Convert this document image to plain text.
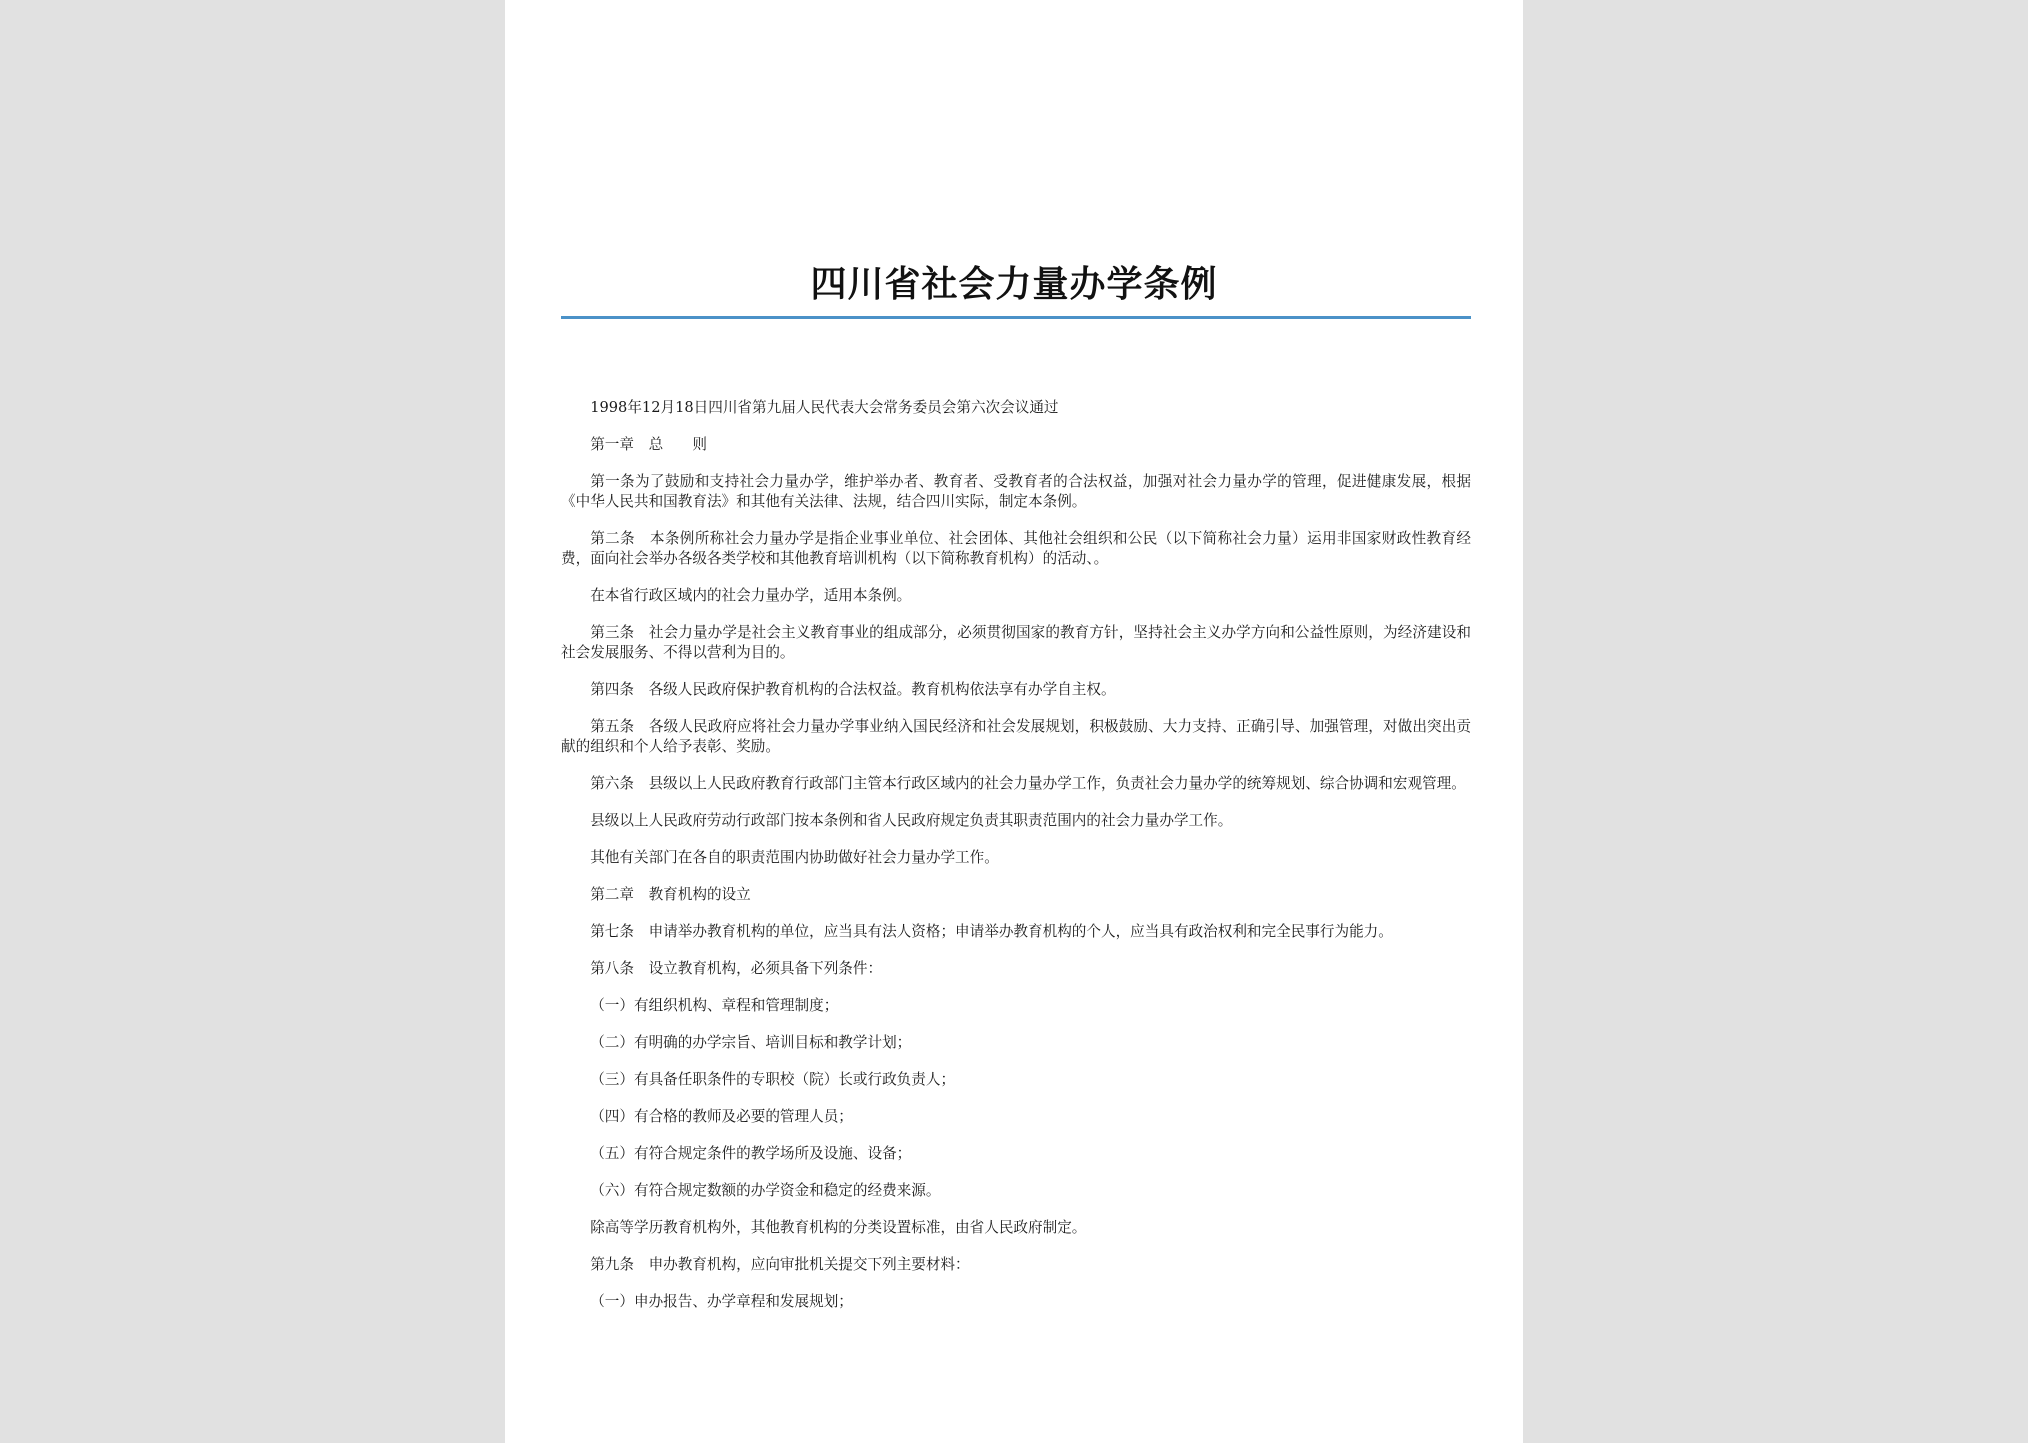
四川省社会力量办学条例

1998年12月18日四川省第九届人民代表大会常务委员会第六次会议通过

第一章　总　　则

第一条为了鼓励和支持社会力量办学，维护举办者、教育者、受教育者的合法权益，加强对社会力量办学的管理，促进健康发展，根据《中华人民共和国教育法》和其他有关法律、法规，结合四川实际，制定本条例。

第二条　本条例所称社会力量办学是指企业事业单位、社会团体、其他社会组织和公民（以下简称社会力量）运用非国家财政性教育经费，面向社会举办各级各类学校和其他教育培训机构（以下简称教育机构）的活动、。

在本省行政区域内的社会力量办学，适用本条例。

第三条　社会力量办学是社会主义教育事业的组成部分，必须贯彻国家的教育方针，坚持社会主义办学方向和公益性原则，为经济建设和社会发展服务、不得以营利为目的。

第四条　各级人民政府保护教育机构的合法权益。教育机构依法享有办学自主权。

第五条　各级人民政府应将社会力量办学事业纳入国民经济和社会发展规划，积极鼓励、大力支持、正确引导、加强管理，对做出突出贡献的组织和个人给予表彰、奖励。

第六条　县级以上人民政府教育行政部门主管本行政区域内的社会力量办学工作，负责社会力量办学的统筹规划、综合协调和宏观管理。

县级以上人民政府劳动行政部门按本条例和省人民政府规定负责其职责范围内的社会力量办学工作。

其他有关部门在各自的职责范围内协助做好社会力量办学工作。

第二章　教育机构的设立

第七条　申请举办教育机构的单位，应当具有法人资格；申请举办教育机构的个人，应当具有政治权利和完全民事行为能力。

第八条　设立教育机构，必须具备下列条件：

（一）有组织机构、章程和管理制度；

（二）有明确的办学宗旨、培训目标和教学计划；

（三）有具备任职条件的专职校（院）长或行政负责人；

（四）有合格的教师及必要的管理人员；

（五）有符合规定条件的教学场所及设施、设备；

（六）有符合规定数额的办学资金和稳定的经费来源。

除高等学历教育机构外，其他教育机构的分类设置标准，由省人民政府制定。

第九条　申办教育机构，应向审批机关提交下列主要材料：

（一）申办报告、办学章程和发展规划；
